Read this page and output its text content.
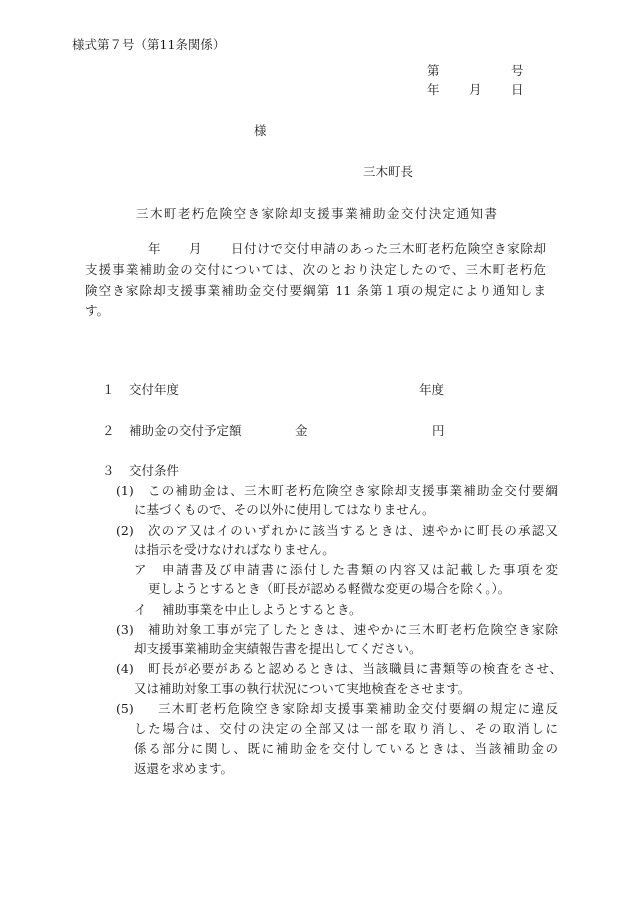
様式第７号（第11条関係）
第	号
年 月 日
様
三木町長
三木町老朽危険空き家除却支援事業補助金交付決定通知書
年 月 日付けで交付申請のあった三木町老朽危険空き家除却
支援事業補助金の交付については、次のとおり決定したので、三木町老朽危
険空き家除却支援事業補助金交付要綱第 11 条第１項の規定により通知しま
す。
１ 交付年度	年度
２ 補助金の交付予定額	金	円
３ 交付条件
(1) この補助金は、三木町老朽危険空き家除却支援事業補助金交付要綱
に基づくもので、その以外に使用してはなりません。
(2) 次のア又はイのいずれかに該当するときは、速やかに町長の承認又
は指示を受けなければなりません。
ア 申請書及び申請書に添付した書類の内容又は記載した事項を変
更しようとするとき（町長が認める軽微な変更の場合を除く。）。
イ 補助事業を中止しようとするとき。
(3) 補助対象工事が完了したときは、速やかに三木町老朽危険空き家除
却支援事業補助金実績報告書を提出してください。
(4) 町長が必要があると認めるときは、当該職員に書類等の検査をさせ、
又は補助対象工事の執行状況について実地検査をさせます。
(5) 三木町老朽危険空き家除却支援事業補助金交付要綱の規定に違反
した場合は、交付の決定の全部又は一部を取り消し、その取消しに
係る部分に関し、既に補助金を交付しているときは、当該補助金の
返還を求めます。
